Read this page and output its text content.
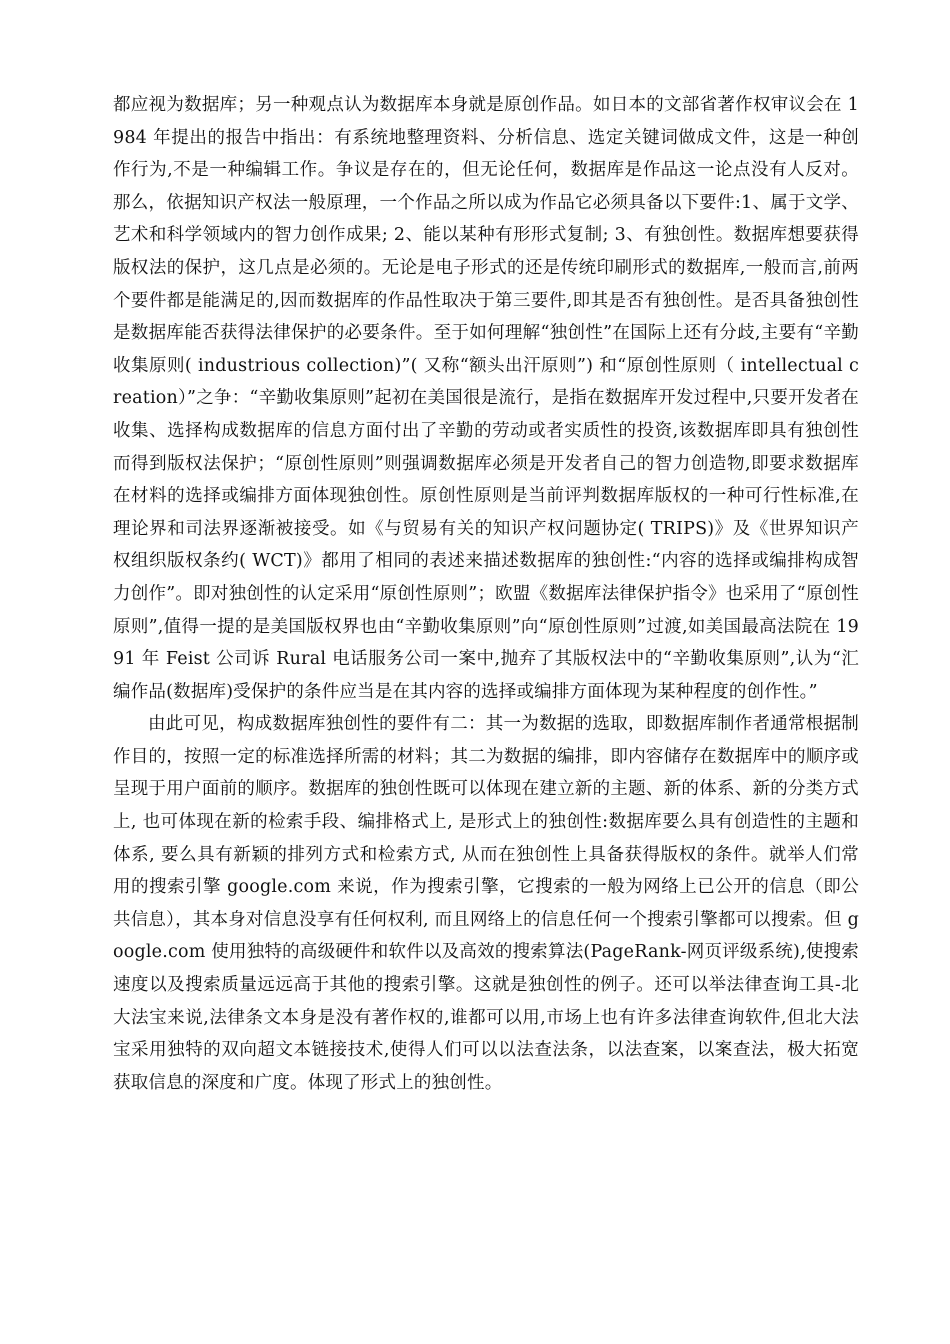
都应视为数据库；另一种观点认为数据库本身就是原创作品。如日本的文部省著作权审议会在 1984 年提出的报告中指出：有系统地整理资料、分析信息、选定关键词做成文件，这是一种创作行为,不是一种编辑工作。争议是存在的，但无论任何，数据库是作品这一论点没有人反对。那么，依据知识产权法一般原理，一个作品之所以成为作品它必须具备以下要件:1、属于文学、艺术和科学领域内的智力创作成果; 2、能以某种有形形式复制; 3、有独创性。数据库想要获得版权法的保护，这几点是必须的。无论是电子形式的还是传统印刷形式的数据库,一般而言,前两个要件都是能满足的,因而数据库的作品性取决于第三要件,即其是否有独创性。是否具备独创性是数据库能否获得法律保护的必要条件。至于如何理解“独创性”在国际上还有分歧,主要有“辛勤收集原则( industrious collection)”( 又称“额头出汗原则”) 和“原创性原则（ intellectual creation）”之争：“辛勤收集原则”起初在美国很是流行，是指在数据库开发过程中,只要开发者在收集、选择构成数据库的信息方面付出了辛勤的劳动或者实质性的投资,该数据库即具有独创性而得到版权法保护；“原创性原则”则强调数据库必须是开发者自己的智力创造物,即要求数据库在材料的选择或编排方面体现独创性。原创性原则是当前评判数据库版权的一种可行性标准,在理论界和司法界逐渐被接受。如《与贸易有关的知识产权问题协定( TRIPS)》及《世界知识产权组织版权条约( WCT)》都用了相同的表述来描述数据库的独创性:“内容的选择或编排构成智力创作”。即对独创性的认定采用“原创性原则”；欧盟《数据库法律保护指令》也采用了“原创性原则”,值得一提的是美国版权界也由“辛勤收集原则”向“原创性原则”过渡,如美国最高法院在 1991 年 Feist 公司诉 Rural 电话服务公司一案中,抛弃了其版权法中的“辛勤收集原则”,认为“汇编作品(数据库)受保护的条件应当是在其内容的选择或编排方面体现为某种程度的创作性。”

由此可见，构成数据库独创性的要件有二：其一为数据的选取，即数据库制作者通常根据制作目的，按照一定的标准选择所需的材料；其二为数据的编排，即内容储存在数据库中的顺序或呈现于用户面前的顺序。数据库的独创性既可以体现在建立新的主题、新的体系、新的分类方式上, 也可体现在新的检索手段、编排格式上, 是形式上的独创性:数据库要么具有创造性的主题和体系, 要么具有新颖的排列方式和检索方式, 从而在独创性上具备获得版权的条件。就举人们常用的搜索引擎 google.com 来说，作为搜索引擎，它搜索的一般为网络上已公开的信息（即公共信息），其本身对信息没享有任何权利, 而且网络上的信息任何一个搜索引擎都可以搜索。但 google.com 使用独特的高级硬件和软件以及高效的搜索算法(PageRank-网页评级系统),使搜索速度以及搜索质量远远高于其他的搜索引擎。这就是独创性的例子。还可以举法律查询工具-北大法宝来说,法律条文本身是没有著作权的,谁都可以用,市场上也有许多法律查询软件,但北大法宝采用独特的双向超文本链接技术,使得人们可以以法查法条，以法查案，以案查法，极大拓宽获取信息的深度和广度。体现了形式上的独创性。
